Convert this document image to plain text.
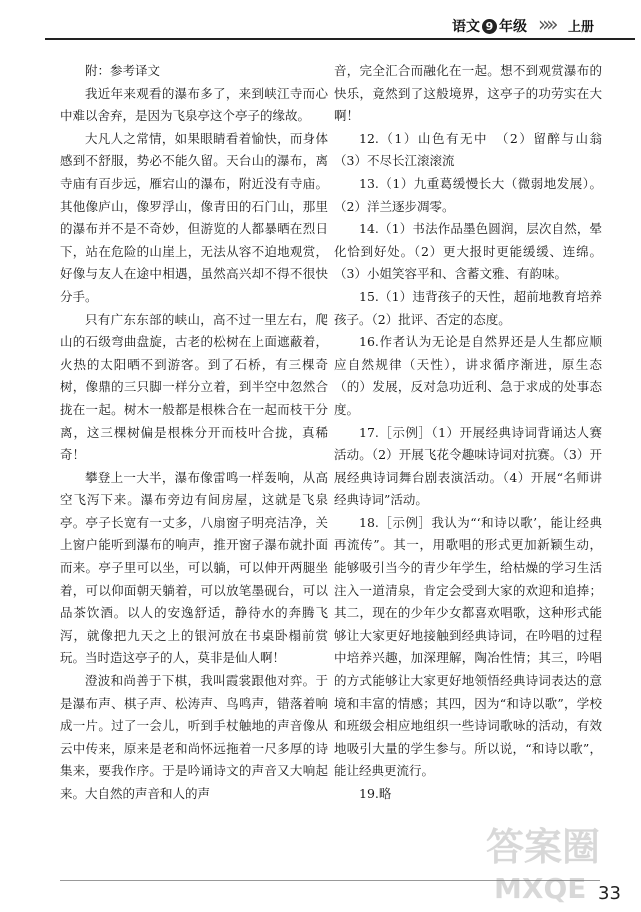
语文 9 年级 »» 上册

附：参考译文

我近年来观看的瀑布多了，来到峡江寺而心中难以舍弃，是因为飞泉亭这个亭子的缘故。

大凡人之常情，如果眼睛看着愉快，而身体感到不舒服，势必不能久留。天台山的瀑布，离寺庙有百步远，雁宕山的瀑布，附近没有寺庙。其他像庐山，像罗浮山，像青田的石门山，那里的瀑布并不是不奇妙，但游览的人都暴晒在烈日下，站在危险的山崖上，无法从容不迫地观赏，好像与友人在途中相遇，虽然高兴却不得不很快分手。

只有广东东部的峡山，高不过一里左右，爬山的石级弯曲盘旋，古老的松树在上面遮蔽着，火热的太阳晒不到游客。到了石桥，有三棵奇树，像鼎的三只脚一样分立着，到半空中忽然合拢在一起。树木一般都是根株合在一起而枝干分离，这三棵树偏是根株分开而枝叶合拢，真稀奇！

攀登上一大半，瀑布像雷鸣一样轰响，从高空飞泻下来。瀑布旁边有间房屋，这就是飞泉亭。亭子长宽有一丈多，八扇窗子明亮洁净，关上窗户能听到瀑布的响声，推开窗子瀑布就扑面而来。亭子里可以坐，可以躺，可以伸开两腿坐着，可以仰面朝天躺着，可以放笔墨砚台，可以品茶饮酒。以人的安逸舒适，静待水的奔腾飞泻，就像把九天之上的银河放在书桌卧榻前赏玩。当时造这亭子的人，莫非是仙人啊！

澄波和尚善于下棋，我叫霞裳跟他对弈。于是瀑布声、棋子声、松涛声、鸟鸣声，错落着响成一片。过了一会儿，听到手杖触地的声音像从云中传来，原来是老和尚怀远拖着一尺多厚的诗集来，要我作序。于是吟诵诗文的声音又大响起来。大自然的声音和人的声

音，完全汇合而融化在一起。想不到观赏瀑布的快乐，竟然到了这般境界，这亭子的功劳实在大啊！

12.（1）山色有无中　（2）留醉与山翁（3）不尽长江滚滚流

13.（1）九重葛缓慢长大（微弱地发展）。（2）洋兰逐步凋零。

14.（1）书法作品墨色圆润，层次自然，晕化恰到好处。（2）更大报时更能缓缓、连绵。（3）小姐笑容平和、含蓄文雅、有韵味。

15.（1）违背孩子的天性，超前地教育培养孩子。（2）批评、否定的态度。

16.作者认为无论是自然界还是人生都应顺应自然规律（天性），讲求循序渐进，原生态（的）发展，反对急功近利、急于求成的处事态度。

17.［示例］（1）开展经典诗词背诵达人赛活动。（2）开展飞花令趣味诗词对抗赛。（3）开展经典诗词舞台剧表演活动。（4）开展“名师讲经典诗词”活动。

18.［示例］我认为“‘和诗以歌’，能让经典再流传”。其一，用歌唱的形式更加新颖生动，能够吸引当今的青少年学生，给枯燥的学习生活注入一道清泉，肯定会受到大家的欢迎和追捧；其二，现在的少年少女都喜欢唱歌，这种形式能够让大家更好地接触到经典诗词，在吟唱的过程中培养兴趣，加深理解，陶冶性情；其三，吟唱的方式能够让大家更好地领悟经典诗词表达的意境和丰富的情感；其四，因为“和诗以歌”，学校和班级会相应地组织一些诗词歌咏的活动，有效地吸引大量的学生参与。所以说，“和诗以歌”，能让经典更流行。

19.略

33
答案圈
MXQE
